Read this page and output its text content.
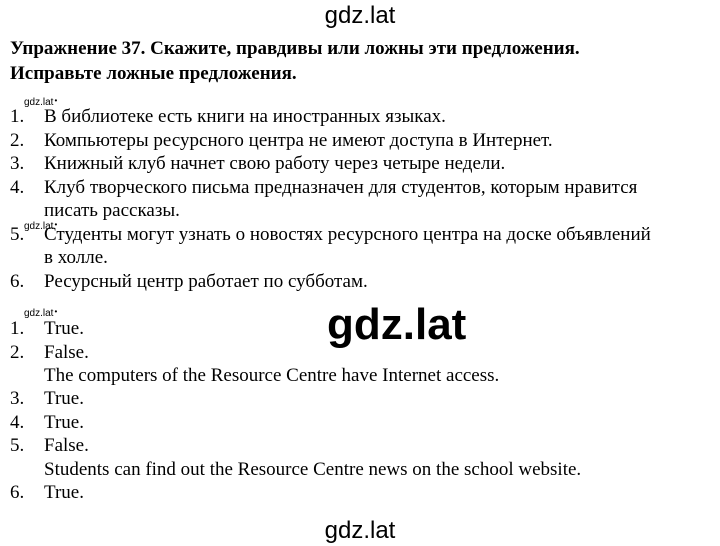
gdz.lat
Упражнение 37. Скажите, правдивы или ложны эти предложения.
Исправьте ложные предложения.
gdz.lat •
1. В библиотеке есть книги на иностранных языках.
2. Компьютеры ресурсного центра не имеют доступа в Интернет.
3. Книжный клуб начнет свою работу через четыре недели.
4. Клуб творческого письма предназначен для студентов, которым нравится
писать рассказы.
gdz.lat •
5. Студенты могут узнать о новостях ресурсного центра на доске объявлений
в холле.
6. Ресурсный центр работает по субботам.
gdz.lat •	gdz.lat
1. True.
2. False.
The computers of the Resource Centre have Internet access.
3. True.
4. True.
5. False.
Students can find out the Resource Centre news on the school website.
6. True.
gdz.lat
